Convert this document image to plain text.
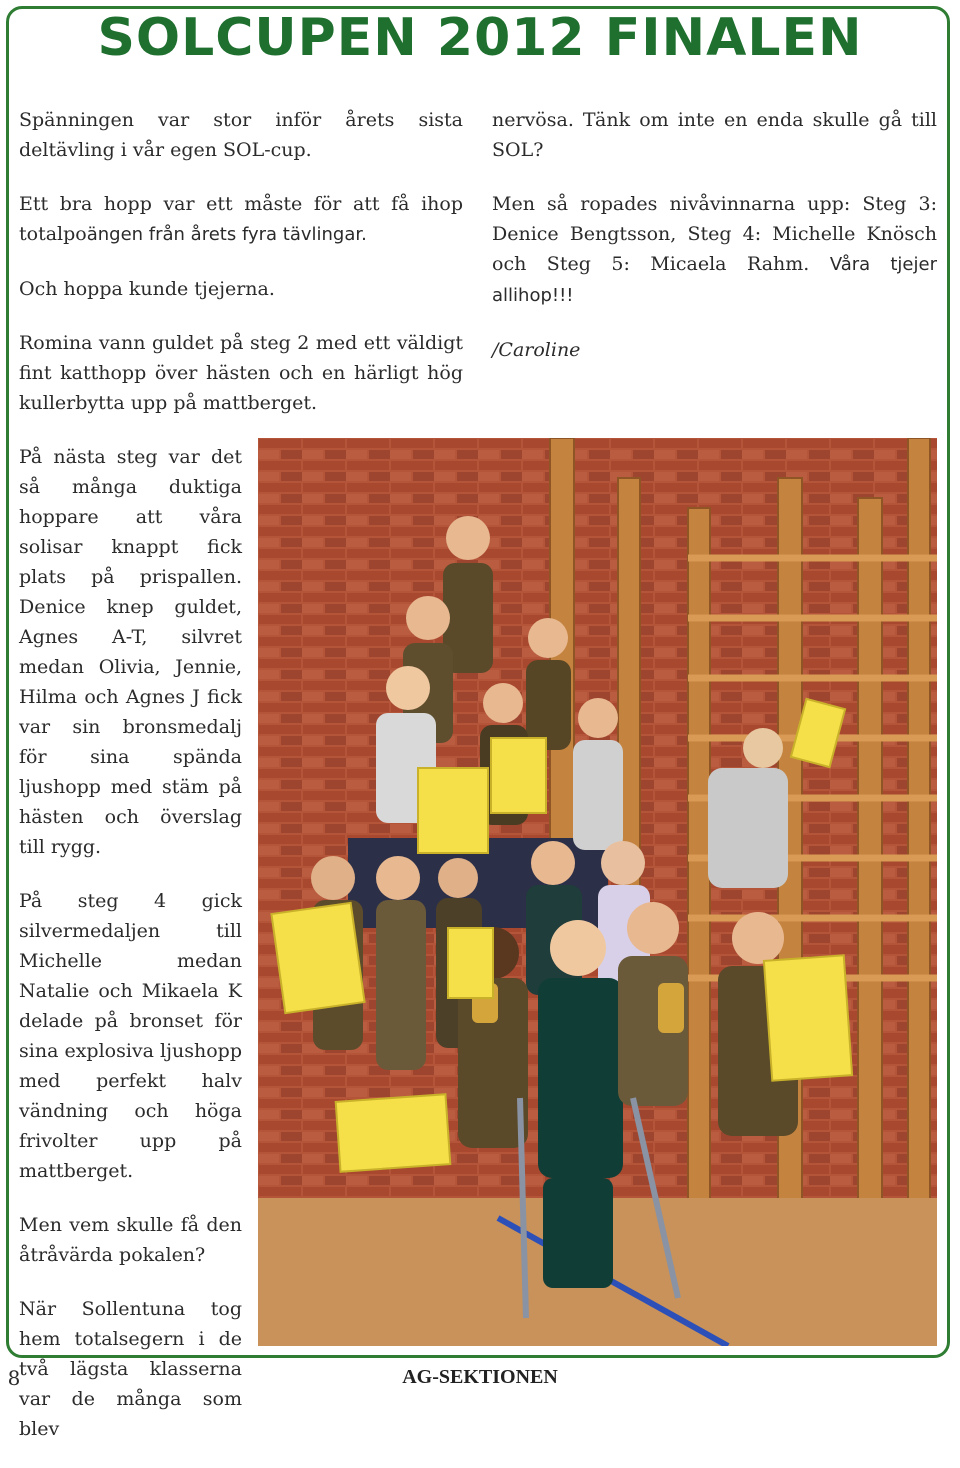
SOLCUPEN 2012 FINALEN

Spänningen var stor inför årets sista deltävling i vår egen SOL-cup.

Ett bra hopp var ett måste för att få ihop totalpoängen från årets fyra tävlingar.

Och hoppa kunde tjejerna.

Romina vann guldet på steg 2 med ett väldigt fint katthopp över hästen och en härligt hög kullerbytta upp på mattberget.

nervösa. Tänk om inte en enda skulle gå till SOL?

Men så ropades nivåvinnarna upp: Steg 3: Denice Bengtsson, Steg 4: Michelle Knösch och Steg 5: Micaela Rahm. Våra tjejer allihop!!!

/Caroline

På nästa steg var det så många duktiga hoppare att våra solisar knappt fick plats på prispallen. Denice knep guldet, Agnes A-T, silvret medan Olivia, Jennie, Hilma och Agnes J fick var sin bronsmedalj för sina spända ljushopp med stäm på hästen och överslag till rygg.

På steg 4 gick silvermedaljen till Michelle medan Natalie och Mikaela K delade på bronset för sina explosiva ljushopp med perfekt halv vändning och höga frivolter upp på mattberget.

Men vem skulle få den åtråvärda pokalen?

När Sollentuna tog hem totalsegern i de två lägsta klasserna var de många som blev

8	AG-SEKTIONEN
